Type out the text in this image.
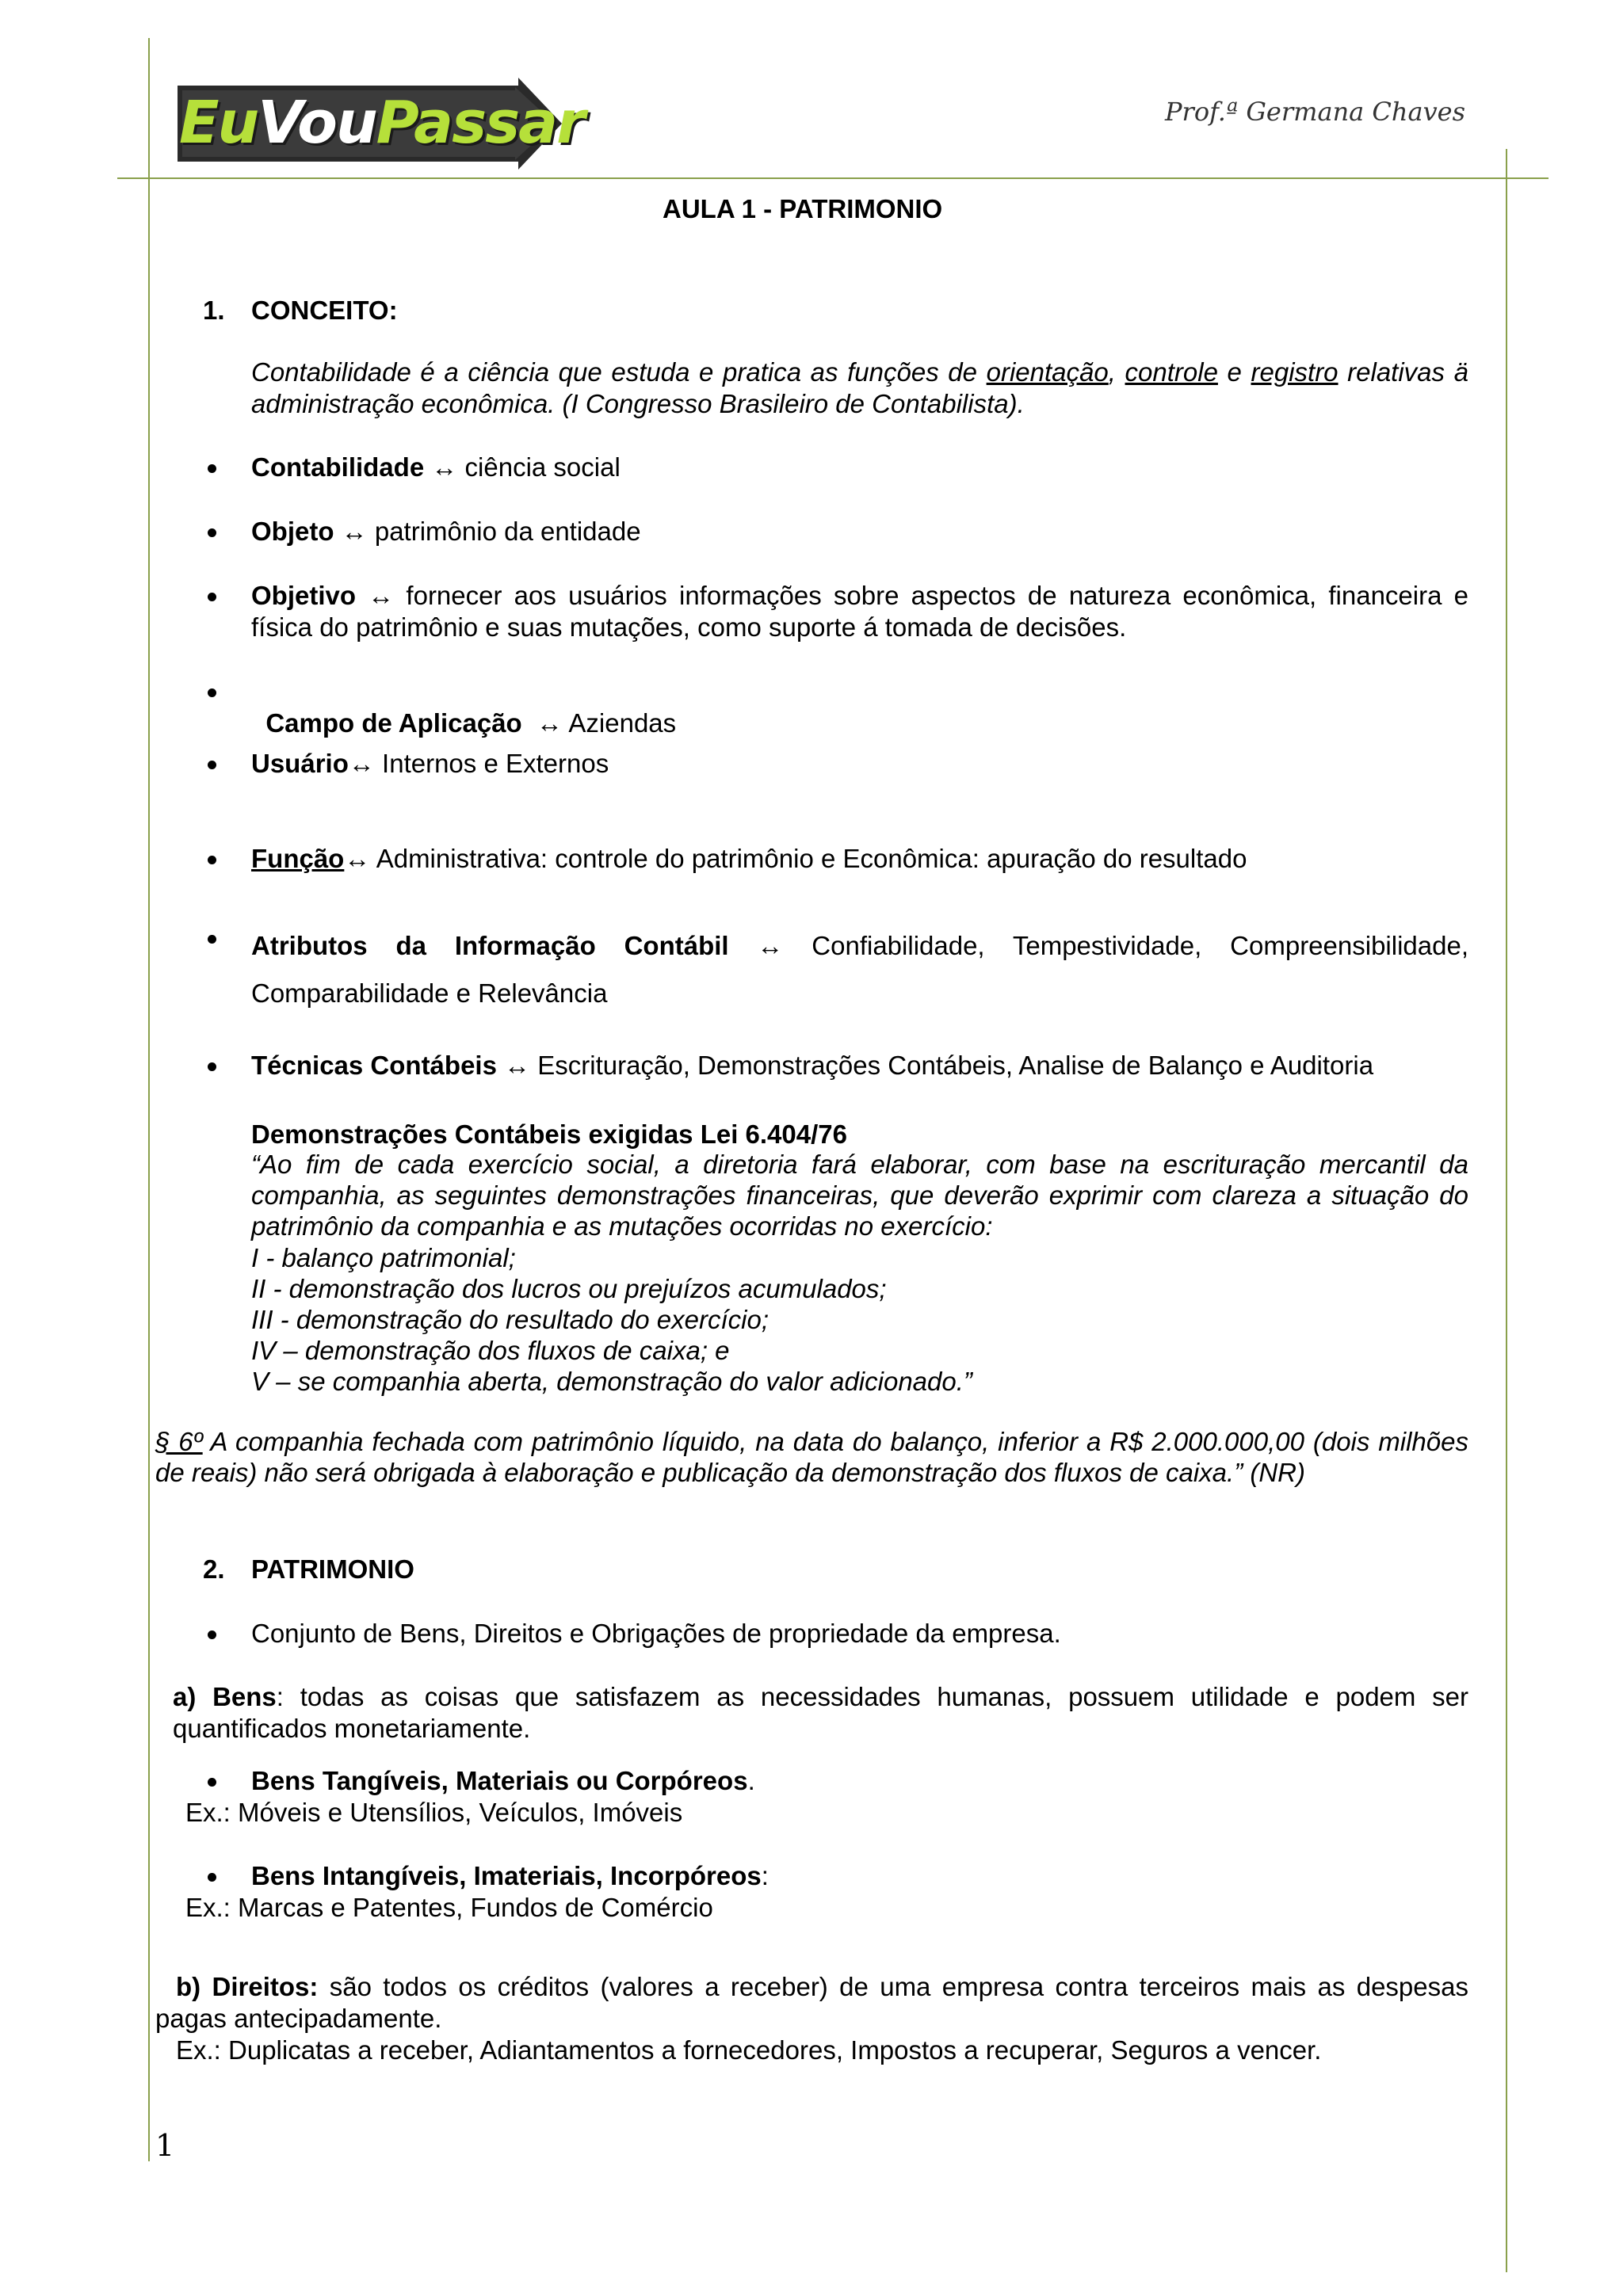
EuVouPassar	Prof.ª Germana Chaves
AULA 1 - PATRIMONIO
1. CONCEITO:
Contabilidade é a ciência que estuda e pratica as funções de orientação, controle e registro relativas ä administração econômica. (I Congresso Brasileiro de Contabilista).
Contabilidade ↔ ciência social
Objeto ↔ patrimônio da entidade
Objetivo ↔ fornecer aos usuários informações sobre aspectos de natureza econômica, financeira e física do patrimônio e suas mutações, como suporte á tomada de decisões.

Campo de Aplicação  ↔ Aziendas

Usuário↔ Internos e Externos
Função↔ Administrativa: controle do patrimônio e Econômica: apuração do resultado
Atributos da Informação Contábil ↔ Confiabilidade, Tempestividade, Compreensibilidade, Comparabilidade e Relevância
Técnicas Contábeis ↔ Escrituração, Demonstrações Contábeis, Analise de Balanço e Auditoria
Demonstrações Contábeis exigidas Lei 6.404/76
“Ao fim de cada exercício social, a diretoria fará elaborar, com base na escrituração mercantil da companhia, as seguintes demonstrações financeiras, que deverão exprimir com clareza a situação do patrimônio da companhia e as mutações ocorridas no exercício:
I - balanço patrimonial;
II - demonstração dos lucros ou prejuízos acumulados;
III - demonstração do resultado do exercício;
IV – demonstração dos fluxos de caixa; e
V – se companhia aberta, demonstração do valor adicionado.”
§ 6º A companhia fechada com patrimônio líquido, na data do balanço, inferior a R$ 2.000.000,00 (dois milhões de reais) não será obrigada à elaboração e publicação da demonstração dos fluxos de caixa.” (NR)
2. PATRIMONIO
Conjunto de Bens, Direitos e Obrigações de propriedade da empresa.
a) Bens: todas as coisas que satisfazem as necessidades humanas, possuem utilidade e podem ser quantificados monetariamente.
Bens Tangíveis, Materiais ou Corpóreos.
Ex.: Móveis e Utensílios, Veículos, Imóveis
Bens Intangíveis, Imateriais, Incorpóreos:
Ex.: Marcas e Patentes, Fundos de Comércio
b) Direitos: são todos os créditos (valores a receber) de uma empresa contra terceiros mais as despesas pagas antecipadamente.
Ex.: Duplicatas a receber, Adiantamentos a fornecedores, Impostos a recuperar, Seguros a vencer.
1
